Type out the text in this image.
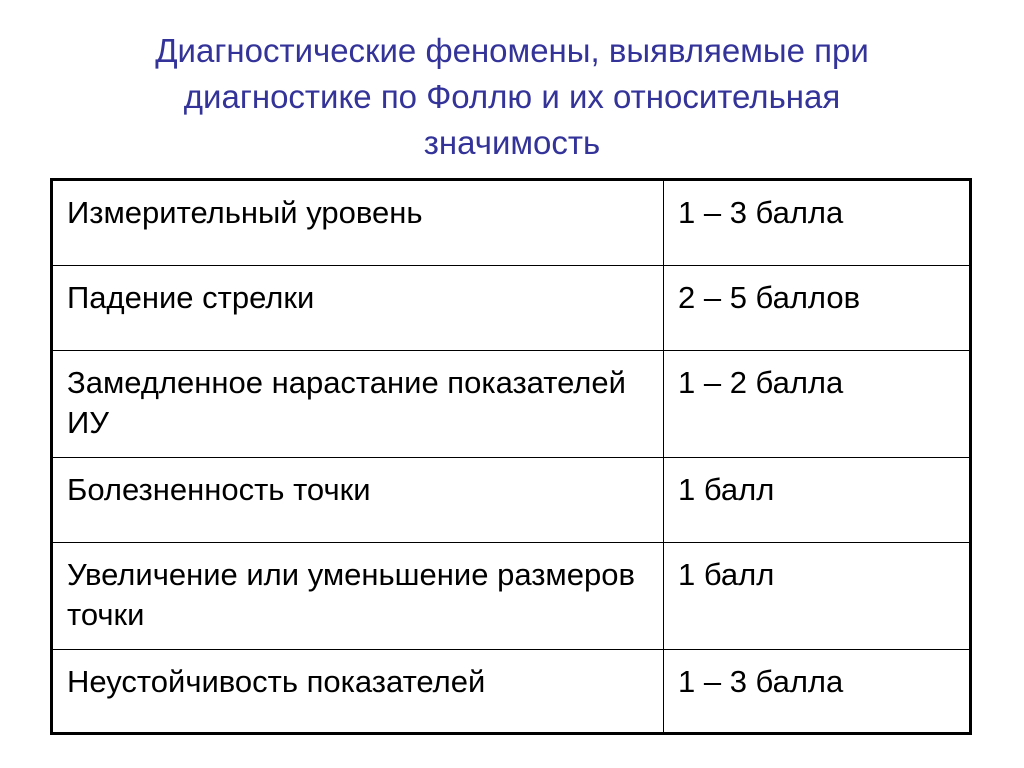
Диагностические феномены, выявляемые при
диагностике по Фоллю и их относительная
значимость
Измерительный уровень	1 – 3 балла
Падение стрелки	2 – 5 баллов
Замедленное нарастание показателей ИУ	1 – 2 балла
Болезненность точки	1 балл
Увеличение или уменьшение размеров точки	1 балл
Неустойчивость показателей	1 – 3 балла
